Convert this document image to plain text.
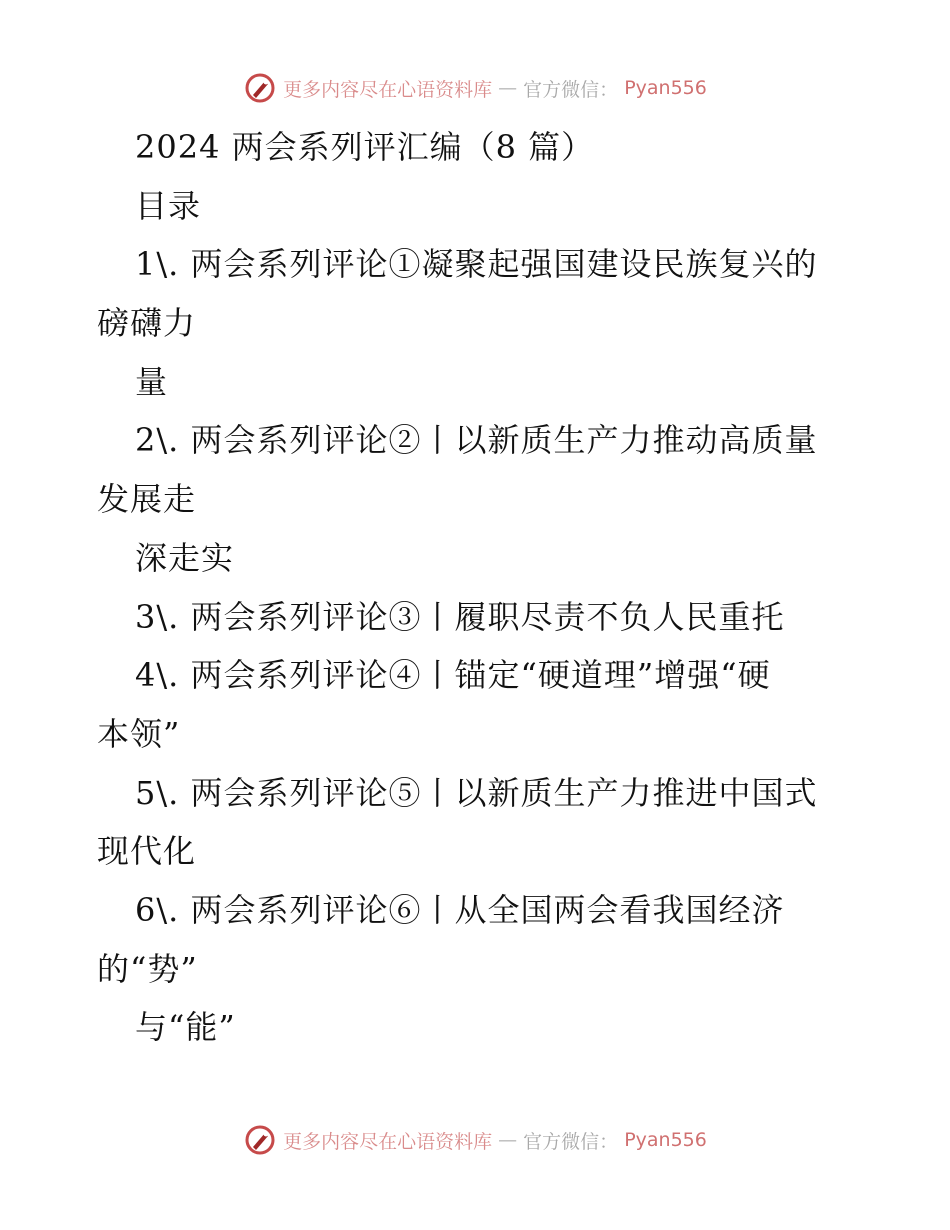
更多内容尽在心语资料库 — 官方微信： Pyan556
2024 两会系列评汇编（8 篇）
目录
1\. 两会系列评论①凝聚起强国建设民族复兴的
磅礴力
量
2\. 两会系列评论②丨以新质生产力推动高质量
发展走
深走实
3\. 两会系列评论③丨履职尽责不负人民重托
4\. 两会系列评论④丨锚定“硬道理”增强“硬
本领”
5\. 两会系列评论⑤丨以新质生产力推进中国式
现代化
6\. 两会系列评论⑥丨从全国两会看我国经济
的“势”
与“能”
更多内容尽在心语资料库 — 官方微信： Pyan556
